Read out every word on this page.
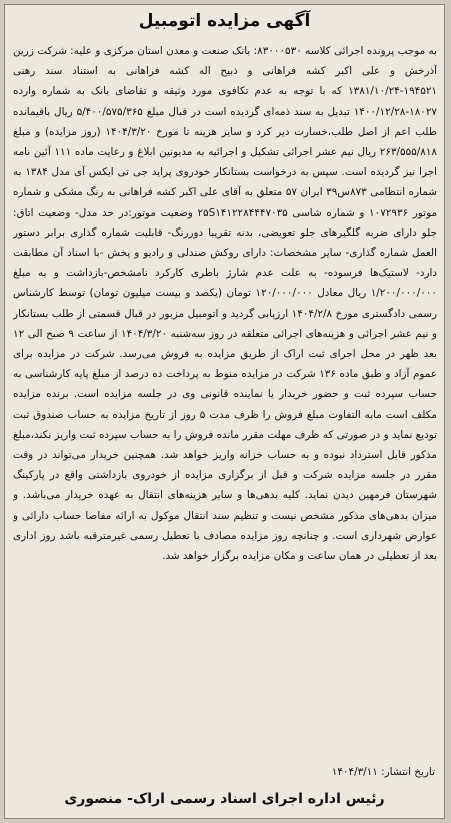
آگهی مزایده اتومبیل
به موجب پرونده اجرائی کلاسه ۸۳۰۰۰۵۳۰: بانک صنعت و معدن استان مرکزی و علیه: شرکت زرین آذرخش و علی اکبر کشه فراهانی و ذبیح اله کشه فراهانی به استناد سند رهنی ۱۹۴۵۲۱-۱۳۸۱/۱۰/۲۴ که با توجه به عدم تکافوی مورد وثیقه و تقاضای بانک به شماره وارده ۱۸۰۲۷-۱۴۰۰/۱۲/۲۸ تبدیل به سند ذمه‌ای گردیده است در قبال مبلغ ۵/۴۰۰/۵۷۵/۳۶۵ ریال باقیمانده طلب اعم از اصل طلب،خسارت دیر کرد و سایر هزینه تا مورخ ۱۴۰۴/۳/۲۰ (روز مزایده) و مبلغ ۲۶۳/۵۵۵/۸۱۸ ریال نیم عشر اجرائی تشکیل و اجرائیه به مدیونین ابلاغ و رعایت ماده ۱۱۱ آئین نامه اجرا نیز گردیده است. سپس به درخواست بستانکار خودروی پراید جی تی ایکس آی مدل ۱۳۸۴ به شماره انتظامی ۸۷۳س۳۹ ایران ۵۷ متعلق به آقای علی اکبر کشه فراهانی به رنگ مشکی و شماره موتور ۱۰۷۲۹۳۶ و شماره شاسی ۲۵S۱۴۱۲۲۸۴۴۴۷۰۳۵ وضعیت موتور:در حد مدل- وضعیت اتاق: جلو دارای ضربه گلگیرهای جلو تعویضی، بدنه تقریبا دوررنگ- قابلیت شماره گذاری برابر دستور العمل شماره گذاری- سایر مشخصات: دارای روکش صندلی و رادیو و پخش -با اسناد آن مطابقت دارد- لاستیک‌ها فرسوده- به علت عدم شارژ باطری کارکرد نامشخص-بازداشت و به مبلغ ۱/۲۰۰/۰۰۰/۰۰۰ ریال معادل ۱۲۰/۰۰۰/۰۰۰ تومان (یکصد و بیست میلیون تومان) توسط کارشناس رسمی دادگستری مورخ ۱۴۰۴/۲/۸ ارزیابی گردید و اتومبیل مزبور در قبال قسمتی از طلب بستانکار و نیم عشر اجرائی و هزینه‌های اجرائی متعلقه در روز سه‌شنبه ۱۴۰۴/۳/۲۰ از ساعت ۹ صبح الی ۱۲ بعد ظهر در محل اجرای ثبت اراک از طریق مزایده به فروش می‌رسد. شرکت در مزایده برای عموم آزاد و طبق ماده ۱۳۶ شرکت در مزایده منوط به پرداخت ده درصد از مبلغ پایه کارشناسی به حساب سپرده ثبت و حضور خریدار یا نماینده قانونی وی در جلسه مزایده است. برنده مزایده مکلف است مابه التفاوت مبلغ فروش را ظرف مدت ۵ روز از تاریخ مزایده به حساب صندوق ثبت تودیع نماید و در صورتی که ظرف مهلت مقرر مانده فروش را به حساب سپرده ثبت واریز نکند،مبلغ مذکور قابل استرداد نبوده و به حساب خزانه واریز خواهد شد. همچنین خریدار می‌تواند در وقت مقرر در جلسه مزایده شرکت و قبل از برگزاری مزایده از خودروی بازداشتی واقع در پارکینگ شهرستان فرمهین دیدن نماید. کلیه بدهی‌ها و سایر هزینه‌های انتقال به عهده خریدار می‌باشد. و میزان بدهی‌های مذکور مشخص نیست و تنظیم سند انتقال موکول به ارائه مفاصا حساب دارائی و عوارض شهرداری است. و چنانچه روز مزایده مصادف با تعطیل رسمی غیرمترقبه باشد روز اداری بعد از تعطیلی در همان ساعت و مکان مزایده برگزار خواهد شد.
تاریخ انتشار: ۱۴۰۴/۳/۱۱
رئیس اداره اجرای اسناد رسمی اراک- منصوری
